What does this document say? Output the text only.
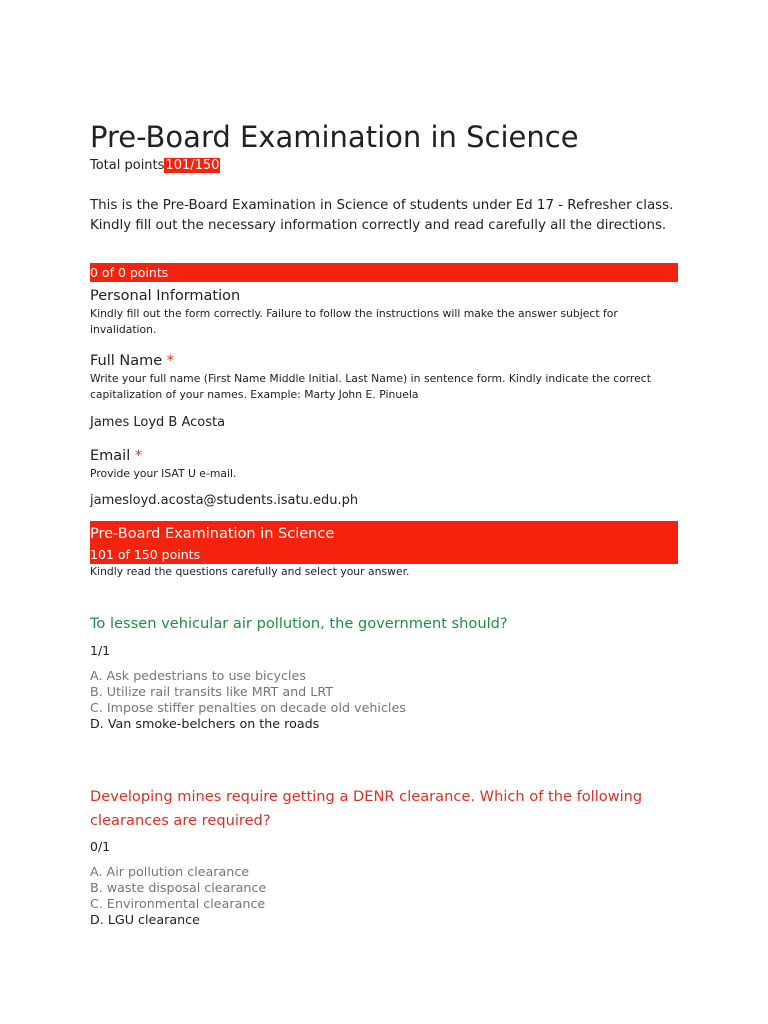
Pre-Board Examination in Science
Total points101/150
This is the Pre-Board Examination in Science of students under Ed 17 - Refresher class. Kindly fill out the necessary information correctly and read carefully all the directions.
0 of 0 points
Personal Information
Kindly fill out the form correctly. Failure to follow the instructions will make the answer subject for invalidation.
Full Name *
Write your full name (First Name Middle Initial. Last Name) in sentence form. Kindly indicate the correct capitalization of your names. Example: Marty John E. Pinuela
James Loyd B Acosta
Email *
Provide your ISAT U e-mail.
jamesloyd.acosta@students.isatu.edu.ph
Pre-Board Examination in Science
101 of 150 points
Kindly read the questions carefully and select your answer.
To lessen vehicular air pollution, the government should?
1/1
A. Ask pedestrians to use bicycles
B. Utilize rail transits like MRT and LRT
C. Impose stiffer penalties on decade old vehicles
D. Van smoke-belchers on the roads
Developing mines require getting a DENR clearance. Which of the following clearances are required?
0/1
A. Air pollution clearance
B. waste disposal clearance
C. Environmental clearance
D. LGU clearance
